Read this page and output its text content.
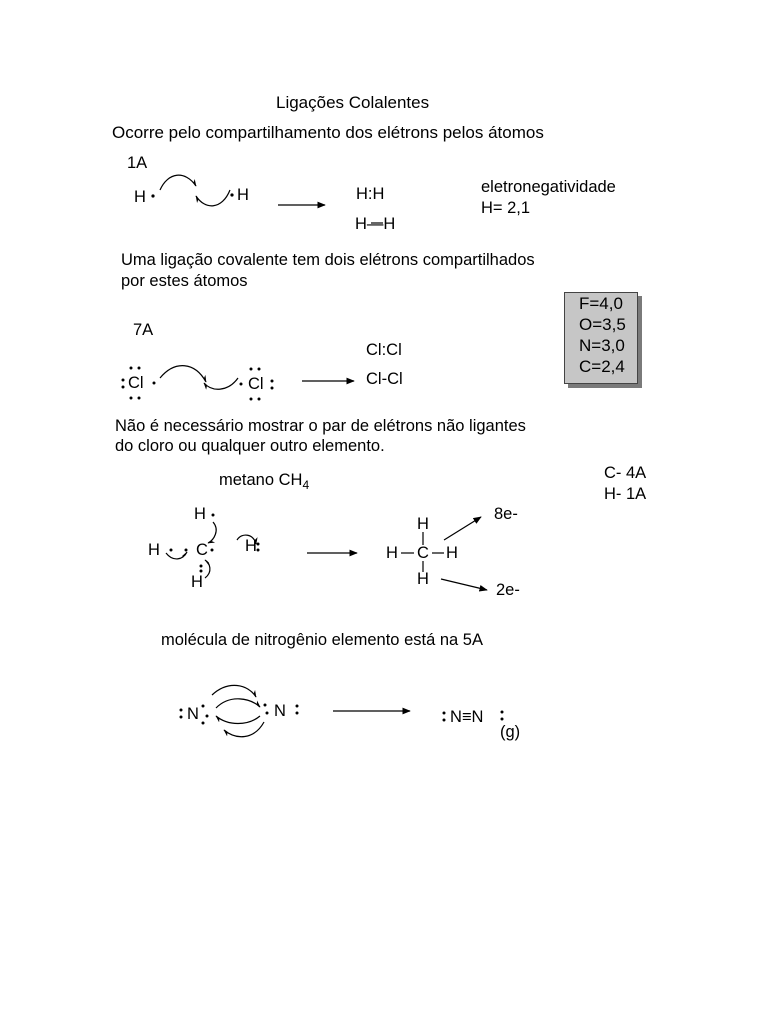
Ligações Colalentes
Ocorre pelo compartilhamento dos elétrons pelos átomos
1A
H	H	H:H
H—H
eletronegatividade
H= 2,1
Uma ligação covalente tem dois elétrons compartilhados
por estes átomos
F=4,0
O=3,5
N=3,0
C=2,4
7A
Cl	Cl
Cl:Cl
Cl-Cl
Não é necessário mostrar o par de elétrons não ligantes
do cloro ou qualquer outro elemento.
metano $CH_4$
C- 4A
H- 1A
H
H C H
H
H
H C H
H
8e-
2e-
molécula de nitrogênio elemento está na 5A
N	N	N≡N
(g)
